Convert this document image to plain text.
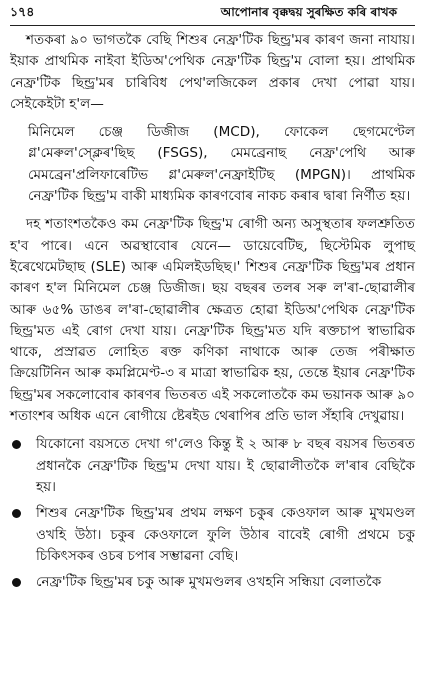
১৭৪	আপোনাৰ বৃক্কদ্বয় সুৰক্ষিত কৰি ৰাখক

শতকৰা ৯০ ভাগতকৈ বেছি শিশুৰ নেফ্ৰ'টিক ছিন্ড্ৰ'মৰ কাৰণ জনা নাযায়। ইয়াক প্ৰাথমিক নাইবা ইডিঅ'পেথিক নেফ্ৰ'টিক ছিন্ড্ৰ'ম বোলা হয়। প্ৰাথমিক নেফ্ৰ'টিক ছিন্ড্ৰ'মৰ চাৰিবিধ পেথ'লজিকেল প্ৰকাৰ দেখা পোৱা যায়। সেইকেইটা হ'ল—

মিনিমেল চেঞ্জ ডিজীজ (MCD), ফোকেল ছেগমেণ্টেল গ্ল'মেৰুল'স্ক্লেৰ'ছিছ (FSGS), মেমব্ৰেনাছ নেফ্ৰ'পেথি আৰু মেমব্ৰেন'প্ৰলিফাৰেটিভ গ্ল'মেৰুল'নেফ্ৰাইটিছ (MPGN)। প্ৰাথমিক নেফ্ৰ'টিক ছিন্ড্ৰ'ম বাকী মাধ্যমিক কাৰণবোৰ নাকচ কৰাৰ দ্বাৰা নিৰ্ণীত হয়।

দহ শতাংশতকৈও কম নেফ্ৰ'টিক ছিন্ড্ৰ'ম ৰোগী অন্য অসুস্থতাৰ ফলশ্ৰুতিত হ'ব পাৰে। এনে অৱস্থাবোৰ যেনে— ডায়েবেটিছ, ছিস্টেমিক লুপাছ ইৰেথেমেটছাছ (SLE) আৰু এমিলইডছিছ।' শিশুৰ নেফ্ৰ'টিক ছিন্ড্ৰ'মৰ প্ৰধান কাৰণ হ'ল মিনিমেল চেঞ্জ ডিজীজ। ছয় বছৰৰ তলৰ সৰু ল'ৰা-ছোৱালীৰ আৰু ৬৫% ডাঙৰ ল'ৰা-ছোৱালীৰ ক্ষেত্ৰত হোৱা ইডিঅ'পেথিক নেফ্ৰ'টিক ছিন্ড্ৰ'মত এই ৰোগ দেখা যায়। নেফ্ৰ'টিক ছিন্ড্ৰ'মত যদি ৰক্তচাপ স্বাভাৱিক থাকে, প্ৰস্ৰাৱত লোহিত ৰক্ত কণিকা নাথাকে আৰু তেজ পৰীক্ষাত ক্ৰিয়েটিনিন আৰু কমপ্লিমেণ্ট-৩ ৰ মাত্ৰা স্বাভাৱিক হয়, তেন্তে ইয়াৰ নেফ্ৰ'টিক ছিন্ড্ৰ'মৰ সকলোবোৰ কাৰণৰ ভিতৰত এই সকলোতকৈ কম ভয়ানক আৰু ৯০ শতাংশৰ অধিক এনে ৰোগীয়ে ষ্টেৰইড থেৰাপিৰ প্ৰতি ভাল সঁহাৰি দেখুৱায়।

যিকোনো বয়সতে দেখা গ'লেও কিন্তু ই ২ আৰু ৮ বছৰ বয়সৰ ভিতৰত প্ৰধানকৈ নেফ্ৰ'টিক ছিন্ড্ৰ'ম দেখা যায়। ই ছোৱালীতকৈ ল'ৰাৰ বেছিকৈ হয়।
শিশুৰ নেফ্ৰ'টিক ছিন্ড্ৰ'মৰ প্ৰথম লক্ষণ চকুৰ কেওফাল আৰু মুখমণ্ডল ওখহি উঠা। চকুৰ কেওফালে ফুলি উঠাৰ বাবেই ৰোগী প্ৰথমে চকু চিকিৎসকৰ ওচৰ চপাৰ সম্ভাৱনা বেছি।
নেফ্ৰ'টিক ছিন্ড্ৰ'মৰ চকু আৰু মুখমণ্ডলৰ ওখহনি সন্ধিয়া বেলাতকৈ
